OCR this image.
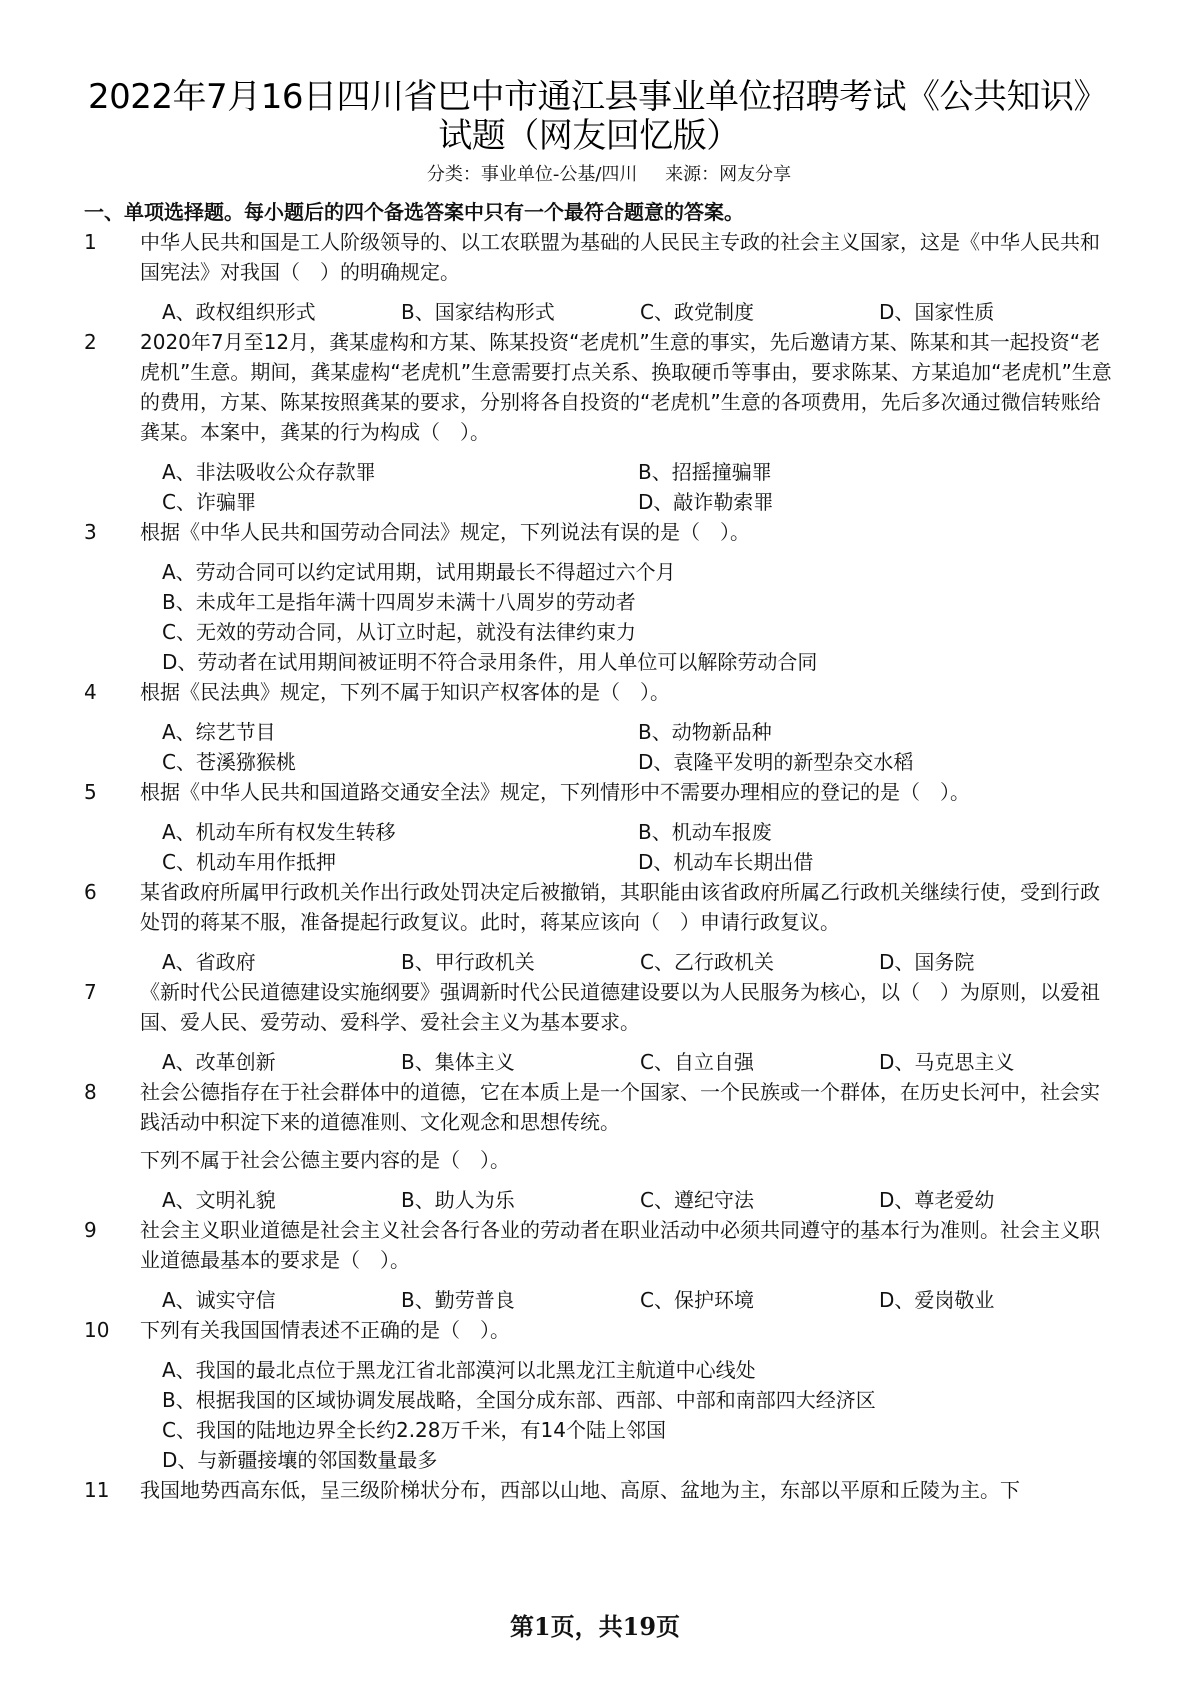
2022年7月16日四川省巴中市通江县事业单位招聘考试《公共知识》试题（网友回忆版）
分类：事业单位-公基/四川 来源：网友分享
一、单项选择题。每小题后的四个备选答案中只有一个最符合题意的答案。
1	中华人民共和国是工人阶级领导的、以工农联盟为基础的人民民主专政的社会主义国家，这是《中华人民共和国宪法》对我国（　）的明确规定。

A、政权组织形式	B、国家结构形式	C、政党制度	D、国家性质
2	2020年7月至12月，龚某虚构和方某、陈某投资“老虎机”生意的事实，先后邀请方某、陈某和其一起投资“老虎机”生意。期间，龚某虚构“老虎机”生意需要打点关系、换取硬币等事由，要求陈某、方某追加“老虎机”生意的费用，方某、陈某按照龚某的要求，分别将各自投资的“老虎机”生意的各项费用，先后多次通过微信转账给龚某。本案中，龚某的行为构成（　）。

A、非法吸收公众存款罪	B、招摇撞骗罪
C、诈骗罪	D、敲诈勒索罪
3	根据《中华人民共和国劳动合同法》规定，下列说法有误的是（　）。

A、劳动合同可以约定试用期，试用期最长不得超过六个月
B、未成年工是指年满十四周岁未满十八周岁的劳动者
C、无效的劳动合同，从订立时起，就没有法律约束力
D、劳动者在试用期间被证明不符合录用条件，用人单位可以解除劳动合同
4	根据《民法典》规定，下列不属于知识产权客体的是（　）。

A、综艺节目	B、动物新品种
C、苍溪猕猴桃	D、袁隆平发明的新型杂交水稻
5	根据《中华人民共和国道路交通安全法》规定，下列情形中不需要办理相应的登记的是（　）。

A、机动车所有权发生转移	B、机动车报废
C、机动车用作抵押	D、机动车长期出借
6	某省政府所属甲行政机关作出行政处罚决定后被撤销，其职能由该省政府所属乙行政机关继续行使，受到行政处罚的蒋某不服，准备提起行政复议。此时，蒋某应该向（　）申请行政复议。

A、省政府	B、甲行政机关	C、乙行政机关	D、国务院
7	《新时代公民道德建设实施纲要》强调新时代公民道德建设要以为人民服务为核心，以（　）为原则，以爱祖国、爱人民、爱劳动、爱科学、爱社会主义为基本要求。

A、改革创新	B、集体主义	C、自立自强	D、马克思主义
8	社会公德指存在于社会群体中的道德，它在本质上是一个国家、一个民族或一个群体，在历史长河中，社会实践活动中积淀下来的道德准则、文化观念和思想传统。

下列不属于社会公德主要内容的是（　）。

A、文明礼貌	B、助人为乐	C、遵纪守法	D、尊老爱幼
9	社会主义职业道德是社会主义社会各行各业的劳动者在职业活动中必须共同遵守的基本行为准则。社会主义职业道德最基本的要求是（　）。

A、诚实守信	B、勤劳普良	C、保护环境	D、爱岗敬业
10	下列有关我国国情表述不正确的是（　）。

A、我国的最北点位于黑龙江省北部漠河以北黑龙江主航道中心线处
B、根据我国的区域协调发展战略，全国分成东部、西部、中部和南部四大经济区
C、我国的陆地边界全长约2.28万千米，有14个陆上邻国
D、与新疆接壤的邻国数量最多
11	我国地势西高东低，呈三级阶梯状分布，西部以山地、高原、盆地为主，东部以平原和丘陵为主。下

第1页，共19页
